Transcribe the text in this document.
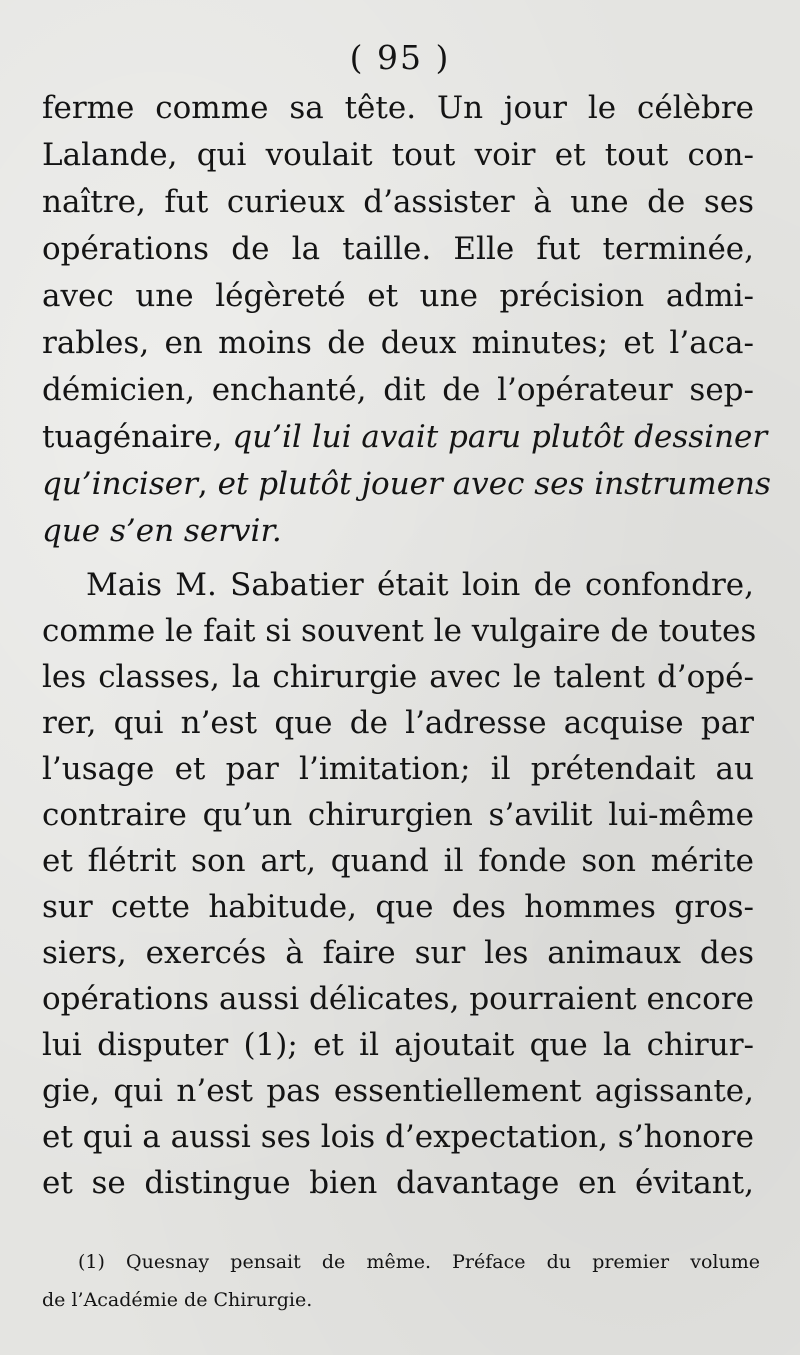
( 95 )
ferme comme sa tête. Un jour le célèbre
Lalande, qui voulait tout voir et tout con-
naître, fut curieux d’assister à une de ses
opérations de la taille. Elle fut terminée,
avec une légèreté et une précision admi-
rables, en moins de deux minutes; et l’aca-
démicien, enchanté, dit de l’opérateur sep-
tuagénaire, qu’il lui avait paru plutôt dessiner
qu’inciser, et plutôt jouer avec ses instrumens
que s’en servir.
Mais M. Sabatier était loin de confondre,
comme le fait si souvent le vulgaire de toutes
les classes, la chirurgie avec le talent d’opé-
rer, qui n’est que de l’adresse acquise par
l’usage et par l’imitation; il prétendait au
contraire qu’un chirurgien s’avilit lui-même
et flétrit son art, quand il fonde son mérite
sur cette habitude, que des hommes gros-
siers, exercés à faire sur les animaux des
opérations aussi délicates, pourraient encore
lui disputer (1); et il ajoutait que la chirur-
gie, qui n’est pas essentiellement agissante,
et qui a aussi ses lois d’expectation, s’honore
et se distingue bien davantage en évitant,
(1) Quesnay pensait de même. Préface du premier volume
de l’Académie de Chirurgie.
